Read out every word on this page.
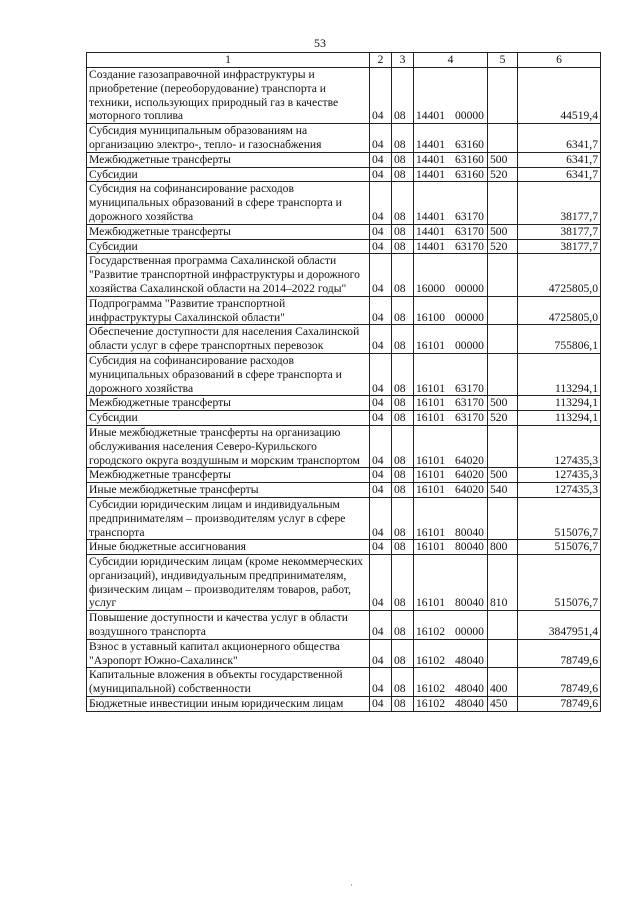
53
1	2	3	4	5	6
Создание газозаправочной инфраструктуры и приобретение (переоборудование) транспорта и техники, использующих природный газ в качестве моторного топлива	04	08	14401 00000		44519,4
Субсидия муниципальным образованиям на организацию электро-, тепло- и газоснабжения	04	08	14401 63160		6341,7
Межбюджетные трансферты	04	08	14401 63160	500	6341,7
Субсидии	04	08	14401 63160	520	6341,7
Субсидия на софинансирование расходов муниципальных образований в сфере транспорта и дорожного хозяйства	04	08	14401 63170		38177,7
Межбюджетные трансферты	04	08	14401 63170	500	38177,7
Субсидии	04	08	14401 63170	520	38177,7
Государственная программа Сахалинской области "Развитие транспортной инфраструктуры и дорожного хозяйства Сахалинской области на 2014–2022 годы"	04	08	16000 00000		4725805,0
Подпрограмма "Развитие транспортной инфраструктуры Сахалинской области"	04	08	16100 00000		4725805,0
Обеспечение доступности для населения Сахалинской области услуг в сфере транспортных перевозок	04	08	16101 00000		755806,1
Субсидия на софинансирование расходов муниципальных образований в сфере транспорта и дорожного хозяйства	04	08	16101 63170		113294,1
Межбюджетные трансферты	04	08	16101 63170	500	113294,1
Субсидии	04	08	16101 63170	520	113294,1
Иные межбюджетные трансферты на организацию обслуживания населения Северо-Курильского городского округа воздушным и морским транспортом	04	08	16101 64020		127435,3
Межбюджетные трансферты	04	08	16101 64020	500	127435,3
Иные межбюджетные трансферты	04	08	16101 64020	540	127435,3
Субсидии юридическим лицам и индивидуальным предпринимателям – производителям услуг в сфере транспорта	04	08	16101 80040		515076,7
Иные бюджетные ассигнования	04	08	16101 80040	800	515076,7
Субсидии юридическим лицам (кроме некоммерческих организаций), индивидуальным предпринимателям, физическим лицам – производителям товаров, работ, услуг	04	08	16101 80040	810	515076,7
Повышение доступности и качества услуг в области воздушного транспорта	04	08	16102 00000		3847951,4
Взнос в уставный капитал акционерного общества "Аэропорт Южно-Сахалинск"	04	08	16102 48040		78749,6
Капитальные вложения в объекты государственной (муниципальной) собственности	04	08	16102 48040	400	78749,6
Бюджетные инвестиции иным юридическим лицам	04	08	16102 48040	450	78749,6
·
